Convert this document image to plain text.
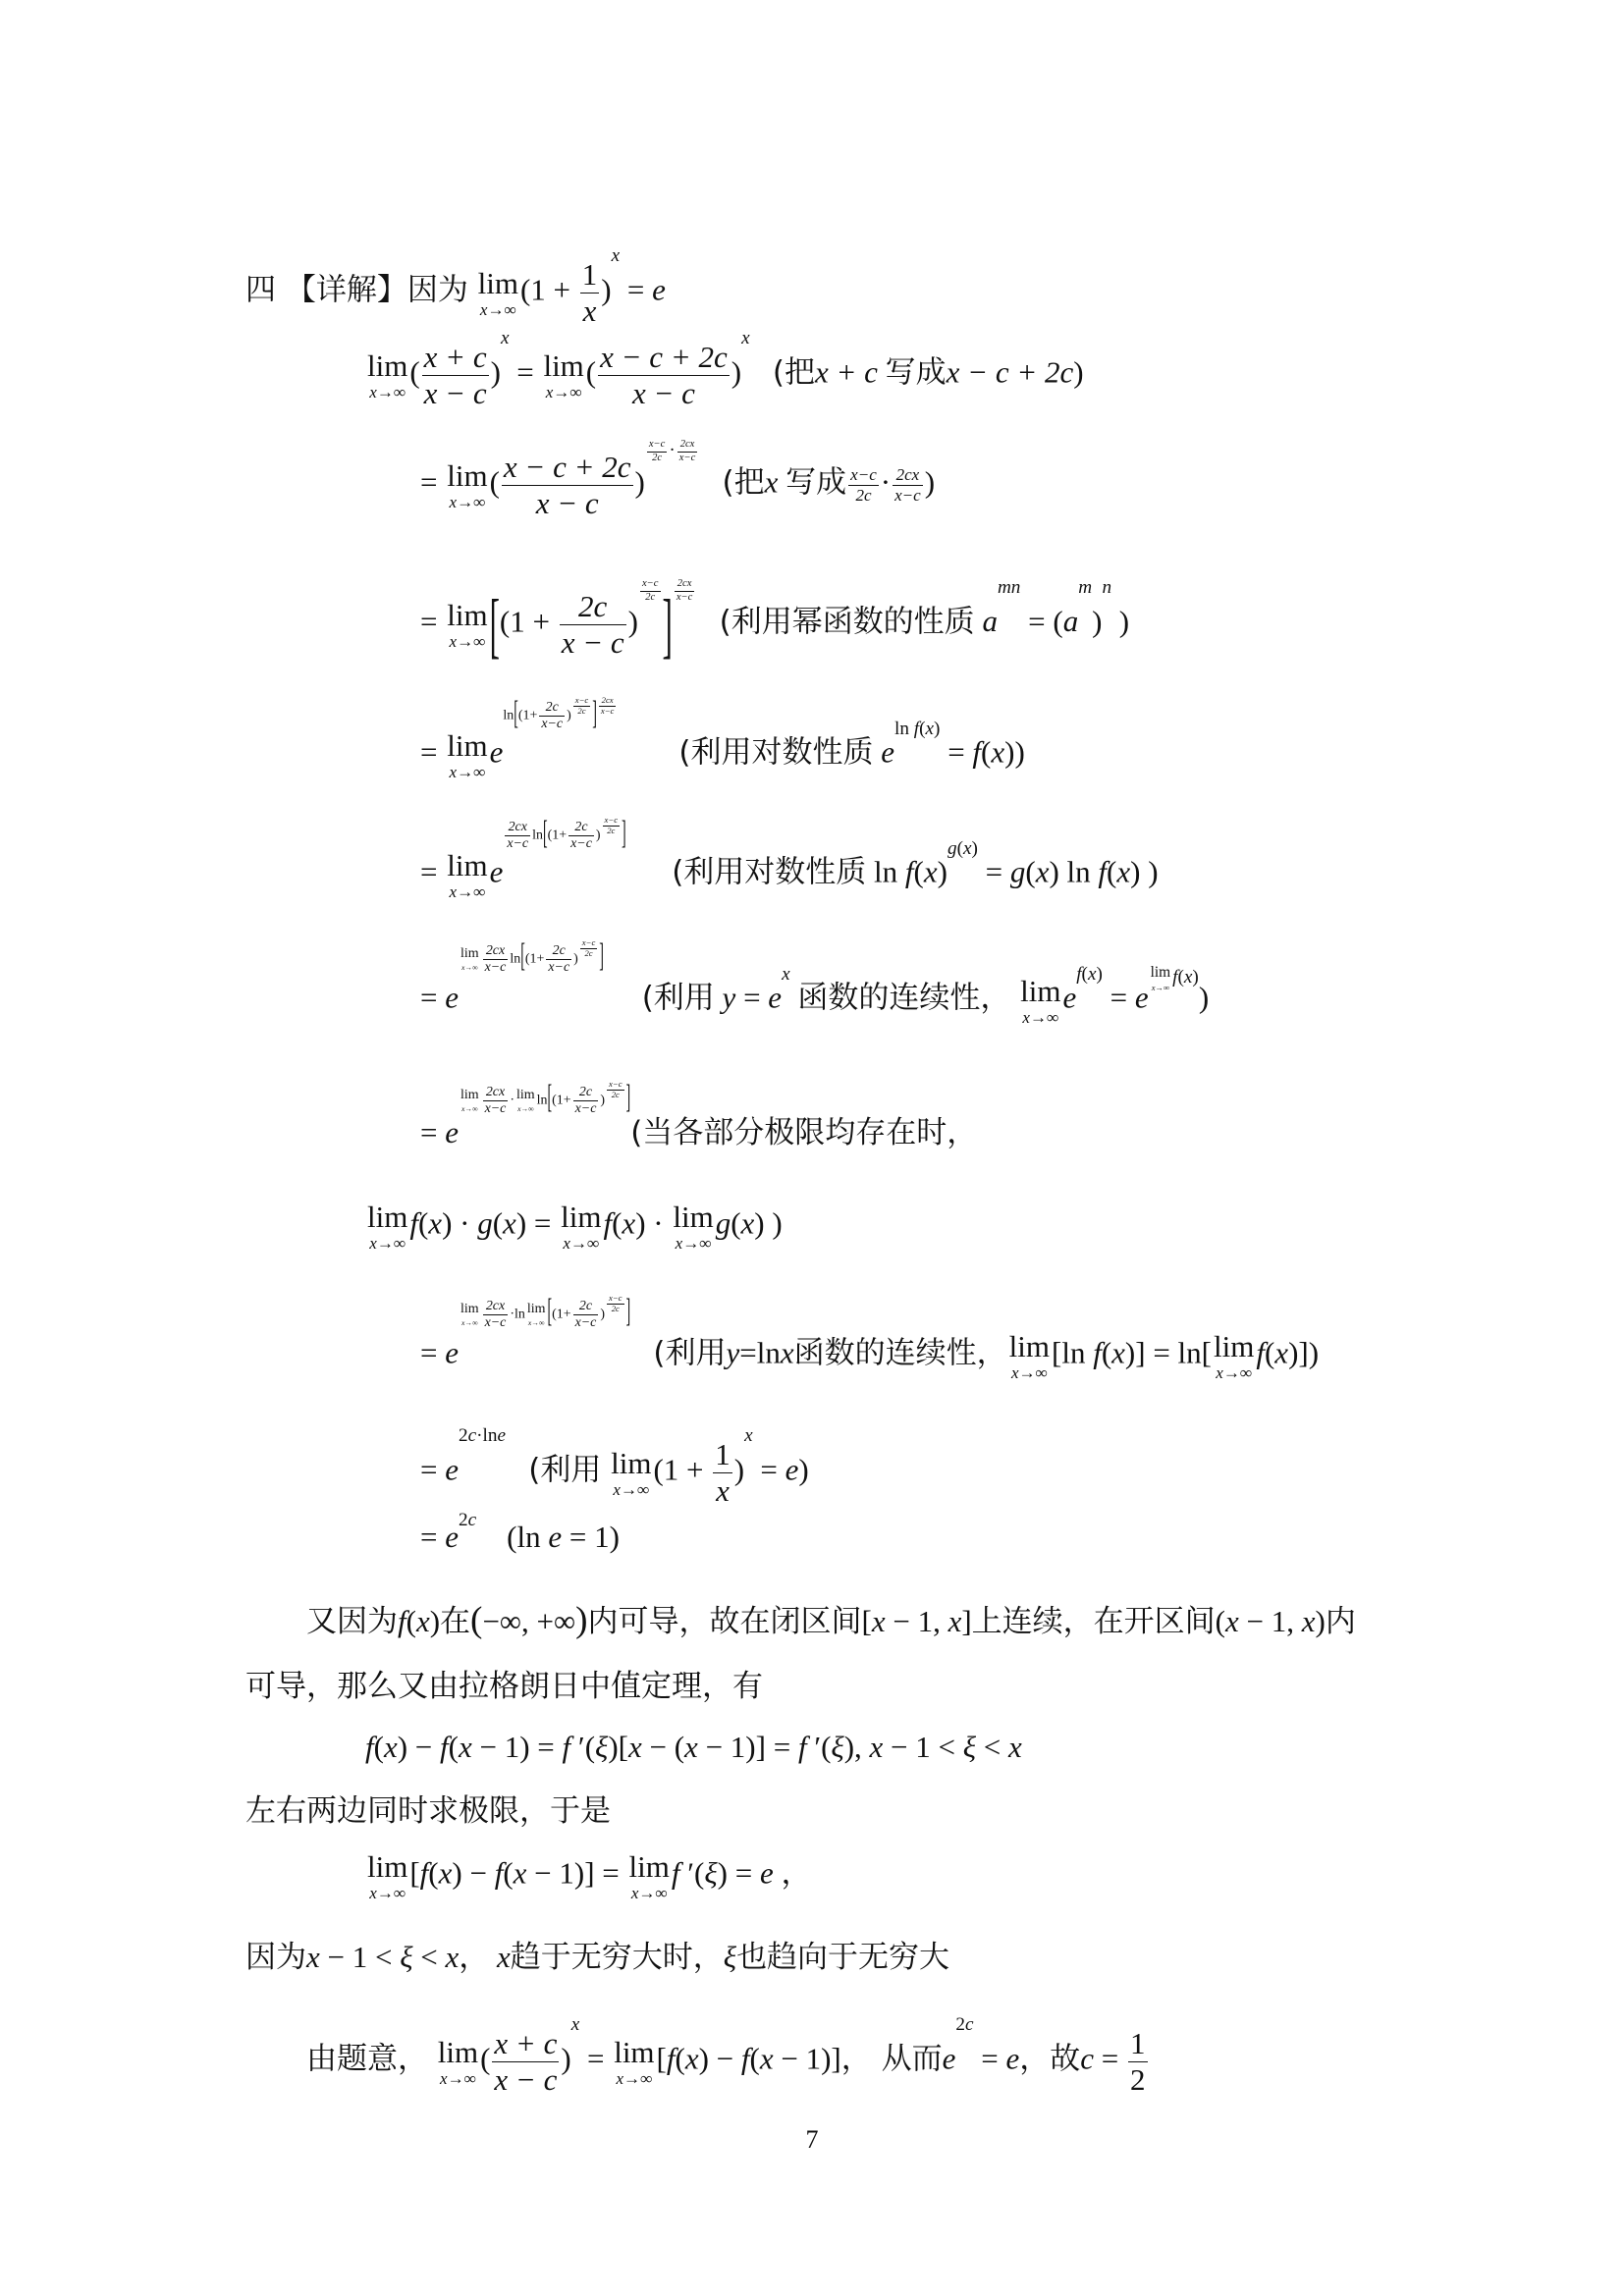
四 【详解】因为 lim
x→∞
$(1 + \frac{1}{x} )x = e$
lim
x→∞
( $\frac{x + c}{x - c} )x = \lim$
x→∞
( $\frac{x - c + 2c}{x - c} )x$   (把x + c 写成x − c + 2c)
= lim
x→∞
( $\frac{x - c + 2c}{x - c}$ )
$\frac{x-c}{2c} \cdot \frac{2cx}{x-c}$
(把x 写成 $\frac{x-c}{2c} \cdot \frac{2cx}{x-c}$ )
= lim
x→∞ [($1 + \frac{2c}{x - c}$ )
$\frac{x-c}{2c}$ ] $\frac{2cx}{x-c}$
(利用幂函数的性质 amn = (am)n )
= lim
x→∞
$eln[(1+ \frac{2c}{x-c}$ )
$\frac{x-c}{2c}$ ] $\frac{2cx}{x-c}$
(利用对数性质 eln f(x) = f(x))
= lim
x→∞
e
$\frac{2cx}{x-c} \ln[(1+ \frac{2c}{x-c}$ )
$\frac{x-c}{2c}$ ]      (利用对数性质 ln f(x)g(x) = g(x) ln f(x) )
= e
lim
$x\to\infty \frac{2cx}{x-c} \ln[(1+ \frac{2c}{x-c}$ )
$\frac{x-c}{2c}$ ]     (利用 y = ex 函数的连续性， lim
x→∞
ef(x) = e
lim
x→∞ f(x))
= e
lim
$x\to\infty \frac{2cx}{x-c} \cdot \lim$
x→∞
$\ln[(1+ \frac{2c}{x-c}$ )
$\frac{x-c}{2c}$ ](当各部分极限均存在时，
lim
x→∞
f(x) · g(x) = lim
x→∞
f(x) · lim
x→∞
g(x) )
= e
lim
$x\to\infty \frac{2cx}{x-c} \cdot\ln$ lim
x→∞ [($1+ \frac{2c}{x-c}$ )
$\frac{x-c}{2c}$ ]   (利用y=lnx函数的连续性， lim
x→∞
[ln f(x)] = ln[ lim
x→∞
f(x)])
= e2c·lne   (利用 lim
x→∞
$(1 + \frac{1}{x} )x = e$)
= e2c    (ln e = 1)
又因为f(x)在(−∞, +∞)内可导，故在闭区间[x − 1, x]上连续，在开区间(x − 1, x)内
可导，那么又由拉格朗日中值定理，有
f(x) − f(x − 1) = f ′(ξ)[x − (x − 1)] = f ′(ξ), x − 1 < ξ < x
左右两边同时求极限，于是
lim
x→∞
[f(x) − f(x − 1)] = lim
x→∞
f ′(ξ) = e ，
因为x − 1 < ξ < x， x趋于无穷大时，ξ也趋向于无穷大
由题意， lim
x→∞
( $\frac{x + c}{x - c} )x = \lim$
x→∞
[f(x) − f(x − 1)]， 从而e2c = e，故$c = \frac{1}{2}$
7
